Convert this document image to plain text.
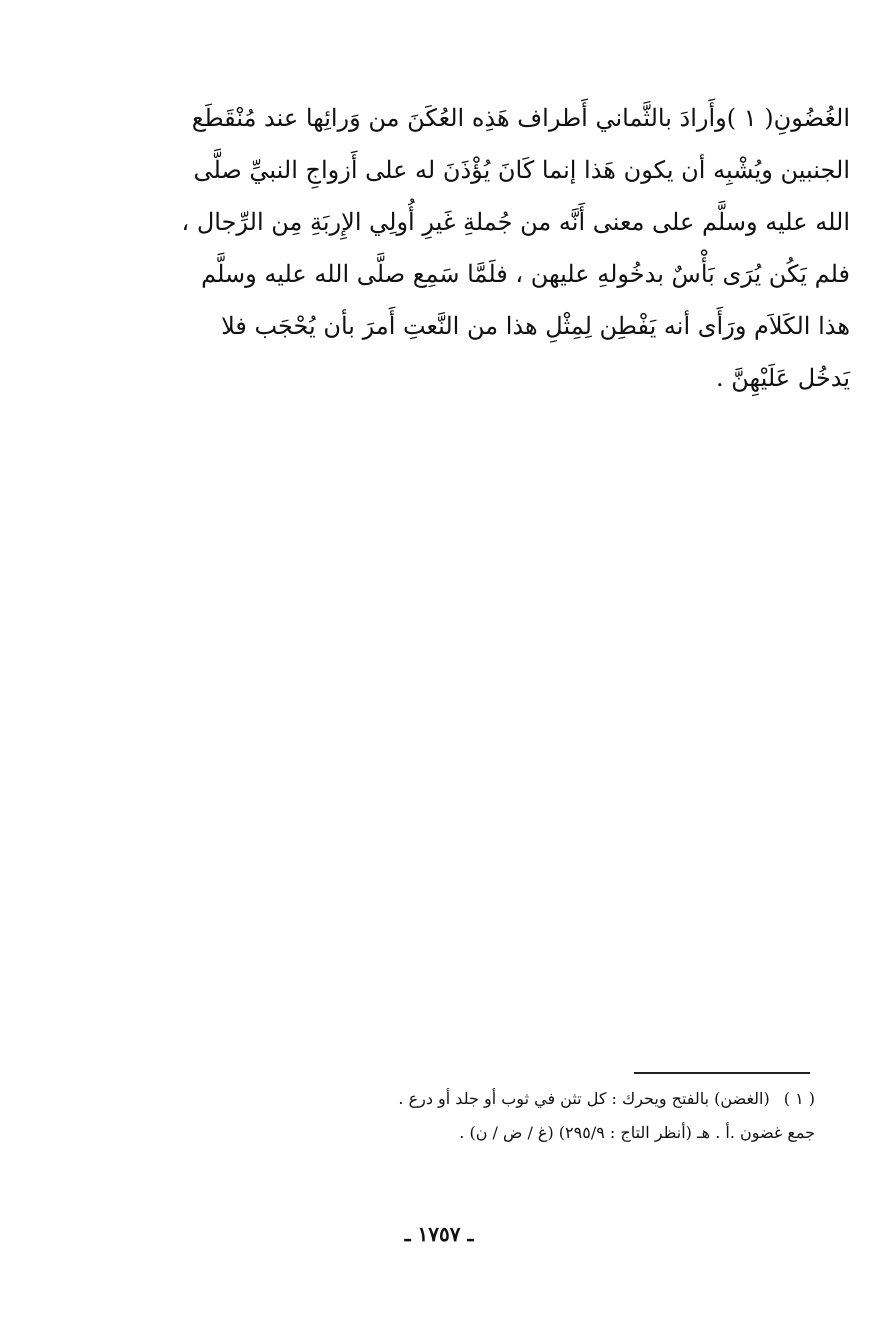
الغُضُونِ( ١ )وأَرادَ بالثَّماني أَطراف هَذِه العُكَنَ من وَرائِها عند مُنْقَطَع
الجنبين ويُشْبِه أن يكون هَذا إنما كَانَ يُؤْذَنَ له على أَزواجِ النبيِّ صلَّى
الله عليه وسلَّم على معنى أَنَّه من جُملةِ غَيرِ أُولِي الإِربَةِ مِن الرِّجال ،
فلم يَكُن يُرَى بَأْسٌ بدخُولهِ عليهن ، فلَمَّا سَمِع صلَّى الله عليه وسلَّم
هذا الكَلاَم ورَأَى أنه يَفْطِن لِمِثْلِ هذا من النَّعتِ أَمرَ بأن يُحْجَب فلا
يَدخُل عَلَيْهِنَّ .
( ١ )(الغضن) بالفتح ويحرك : كل تثن في ثوب أو جلد أو درع .
جمع غضون .أ . هـ (أنظر التاج : ٢٩٥/٩) (غ / ض / ن) .
ـ ١٧٥٧ ـ
